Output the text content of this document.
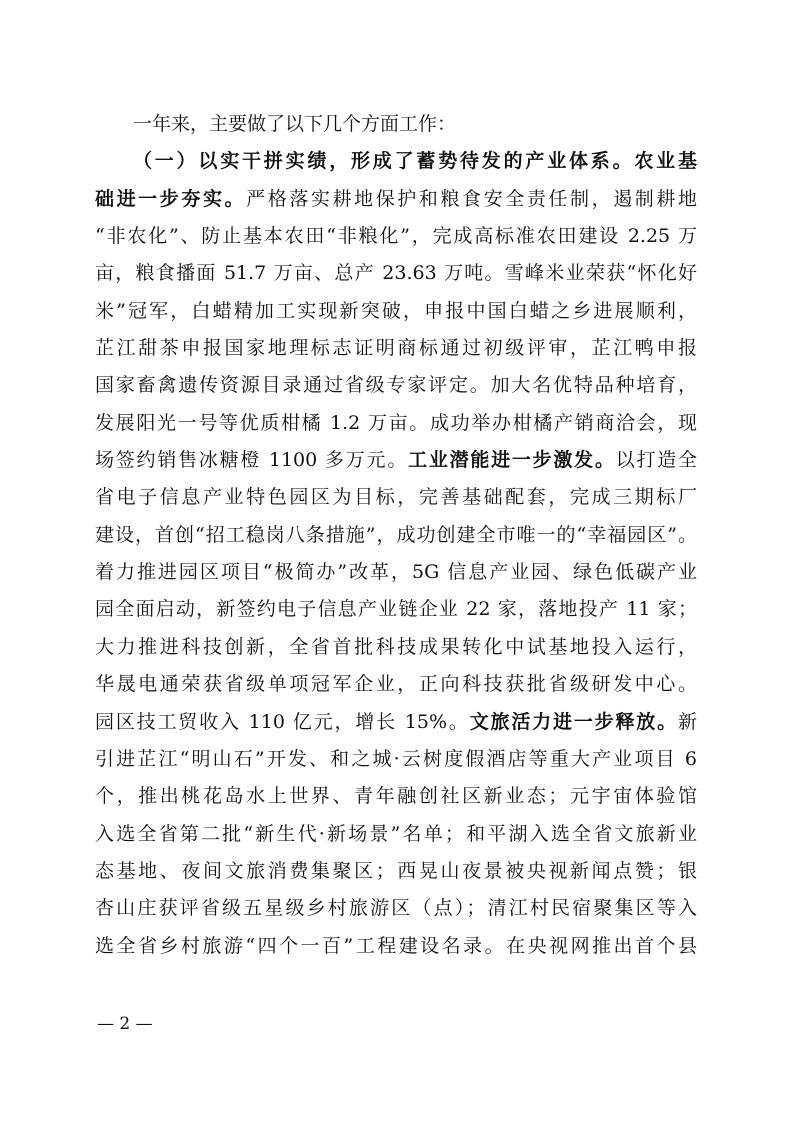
一年来，主要做了以下几个方面工作：
（一）以实干拼实绩，形成了蓄势待发的产业体系。农业基
础进一步夯实。严格落实耕地保护和粮食安全责任制，遏制耕地
“非农化”、防止基本农田“非粮化”，完成高标准农田建设 2.25 万
亩，粮食播面 51.7 万亩、总产 23.63 万吨。雪峰米业荣获“怀化好
米”冠军，白蜡精加工实现新突破，申报中国白蜡之乡进展顺利，
芷江甜茶申报国家地理标志证明商标通过初级评审，芷江鸭申报
国家畜禽遗传资源目录通过省级专家评定。加大名优特品种培育，
发展阳光一号等优质柑橘 1.2 万亩。成功举办柑橘产销商洽会，现
场签约销售冰糖橙 1100 多万元。工业潜能进一步激发。以打造全
省电子信息产业特色园区为目标，完善基础配套，完成三期标厂
建设，首创“招工稳岗八条措施”，成功创建全市唯一的“幸福园区”。
着力推进园区项目“极简办”改革，5G 信息产业园、绿色低碳产业
园全面启动，新签约电子信息产业链企业 22 家，落地投产 11 家；
大力推进科技创新，全省首批科技成果转化中试基地投入运行，
华晟电通荣获省级单项冠军企业，正向科技获批省级研发中心。
园区技工贸收入 110 亿元，增长 15%。文旅活力进一步释放。新
引进芷江“明山石”开发、和之城·云树度假酒店等重大产业项目 6
个，推出桃花岛水上世界、青年融创社区新业态；元宇宙体验馆
入选全省第二批“新生代·新场景”名单；和平湖入选全省文旅新业
态基地、夜间文旅消费集聚区；西晃山夜景被央视新闻点赞；银
杏山庄获评省级五星级乡村旅游区（点）；清江村民宿聚集区等入
选全省乡村旅游“四个一百”工程建设名录。在央视网推出首个县
— 2 —
